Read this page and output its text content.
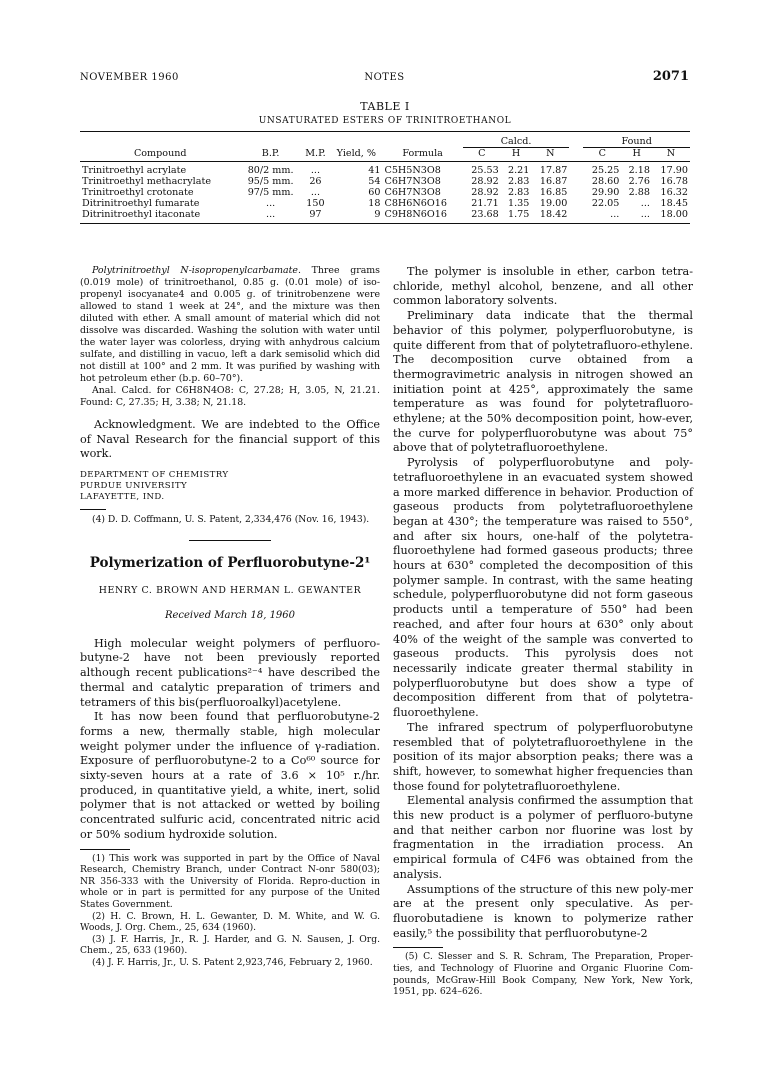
NOVEMBER 1960	NOTES	2071
TABLE I
UNSATURATED ESTERS OF TRINITROETHANOL
					Calcd.				Found		
Compound	B.P.	M.P.	Yield, %	Formula	C	H	N		C	H	N
Trinitroethyl acrylate	80/2 mm.	...	41	C5H5N3O8	25.53	2.21	17.87		25.25	2.18	17.90
Trinitroethyl methacrylate	95/5 mm.	26	54	C6H7N3O8	28.92	2.83	16.87		28.60	2.76	16.78
Trinitroethyl crotonate	97/5 mm.	...	60	C6H7N3O8	28.92	2.83	16.85		29.90	2.88	16.32
Ditrinitroethyl fumarate	...	150	18	C8H6N6O16	21.71	1.35	19.00		22.05	...	18.45
Ditrinitroethyl itaconate	...	97	9	C9H8N6O16	23.68	1.75	18.42		...	...	18.00

Polytrinitroethyl N-isopropenylcarbamate. Three grams (0.019 mole) of trinitroethanol, 0.85 g. (0.01 mole) of iso-propenyl isocyanate4 and 0.005 g. of trinitrobenzene were allowed to stand 1 week at 24°, and the mixture was then diluted with ether. A small amount of material which did not dissolve was discarded. Washing the solution with water until the water layer was colorless, drying with anhydrous calcium sulfate, and distilling in vacuo, left a dark semisolid which did not distill at 100° and 2 mm. It was purified by washing with hot petroleum ether (b.p. 60–70°).

Anal. Calcd. for C6H8N4O8: C, 27.28; H, 3.05, N, 21.21. Found: C, 27.35; H, 3.38; N, 21.18.

Acknowledgment. We are indebted to the Office of Naval Research for the financial support of this work.

DEPARTMENT OF CHEMISTRY
PURDUE UNIVERSITY
LAFAYETTE, IND.

(4) D. D. Coffmann, U. S. Patent, 2,334,476 (Nov. 16, 1943).

Polymerization of Perfluorobutyne-2¹
HENRY C. BROWN AND HERMAN L. GEWANTER
Received March 18, 1960

High molecular weight polymers of perfluoro-butyne-2 have not been previously reported although recent publications²⁻⁴ have described the thermal and catalytic preparation of trimers and tetramers of this bis(perfluoroalkyl)acetylene.

It has now been found that perfluorobutyne-2 forms a new, thermally stable, high molecular weight polymer under the influence of γ-radiation. Exposure of perfluorobutyne-2 to a Co⁶⁰ source for sixty-seven hours at a rate of 3.6 × 10⁵ r./hr. produced, in quantitative yield, a white, inert, solid polymer that is not attacked or wetted by boiling concentrated sulfuric acid, concentrated nitric acid or 50% sodium hydroxide solution.

(1) This work was supported in part by the Office of Naval Research, Chemistry Branch, under Contract N-onr 580(03); NR 356-333 with the University of Florida. Repro-duction in whole or in part is permitted for any purpose of the United States Government.

(2) H. C. Brown, H. L. Gewanter, D. M. White, and W. G. Woods, J. Org. Chem., 25, 634 (1960).

(3) J. F. Harris, Jr., R. J. Harder, and G. N. Sausen, J. Org. Chem., 25, 633 (1960).

(4) J. F. Harris, Jr., U. S. Patent 2,923,746, February 2, 1960.

The polymer is insoluble in ether, carbon tetra-chloride, methyl alcohol, benzene, and all other common laboratory solvents.

Preliminary data indicate that the thermal behavior of this polymer, polyperfluorobutyne, is quite different from that of polytetrafluoro-ethylene. The decomposition curve obtained from a thermogravimetric analysis in nitrogen showed an initiation point at 425°, approximately the same temperature as was found for polytetrafluoro-ethylene; at the 50% decomposition point, how-ever, the curve for polyperfluorobutyne was about 75° above that of polytetrafluoroethylene.

Pyrolysis of polyperfluorobutyne and poly-tetrafluoroethylene in an evacuated system showed a more marked difference in behavior. Production of gaseous products from polytetrafluoroethylene began at 430°; the temperature was raised to 550°, and after six hours, one-half of the polytetra-fluoroethylene had formed gaseous products; three hours at 630° completed the decomposition of this polymer sample. In contrast, with the same heating schedule, polyperfluorobutyne did not form gaseous products until a temperature of 550° had been reached, and after four hours at 630° only about 40% of the weight of the sample was converted to gaseous products. This pyrolysis does not necessarily indicate greater thermal stability in polyperfluorobutyne but does show a type of decomposition different from that of polytetra-fluoroethylene.

The infrared spectrum of polyperfluorobutyne resembled that of polytetrafluoroethylene in the position of its major absorption peaks; there was a shift, however, to somewhat higher frequencies than those found for polytetrafluoroethylene.

Elemental analysis confirmed the assumption that this new product is a polymer of perfluoro-butyne and that neither carbon nor fluorine was lost by fragmentation in the irradiation process. An empirical formula of C4F6 was obtained from the analysis.

Assumptions of the structure of this new poly-mer are at the present only speculative. As per-fluorobutadiene is known to polymerize rather easily,⁵ the possibility that perfluorobutyne-2

(5) C. Slesser and S. R. Schram, The Preparation, Proper-ties, and Technology of Fluorine and Organic Fluorine Com-pounds, McGraw-Hill Book Company, New York, New York, 1951, pp. 624–626.
